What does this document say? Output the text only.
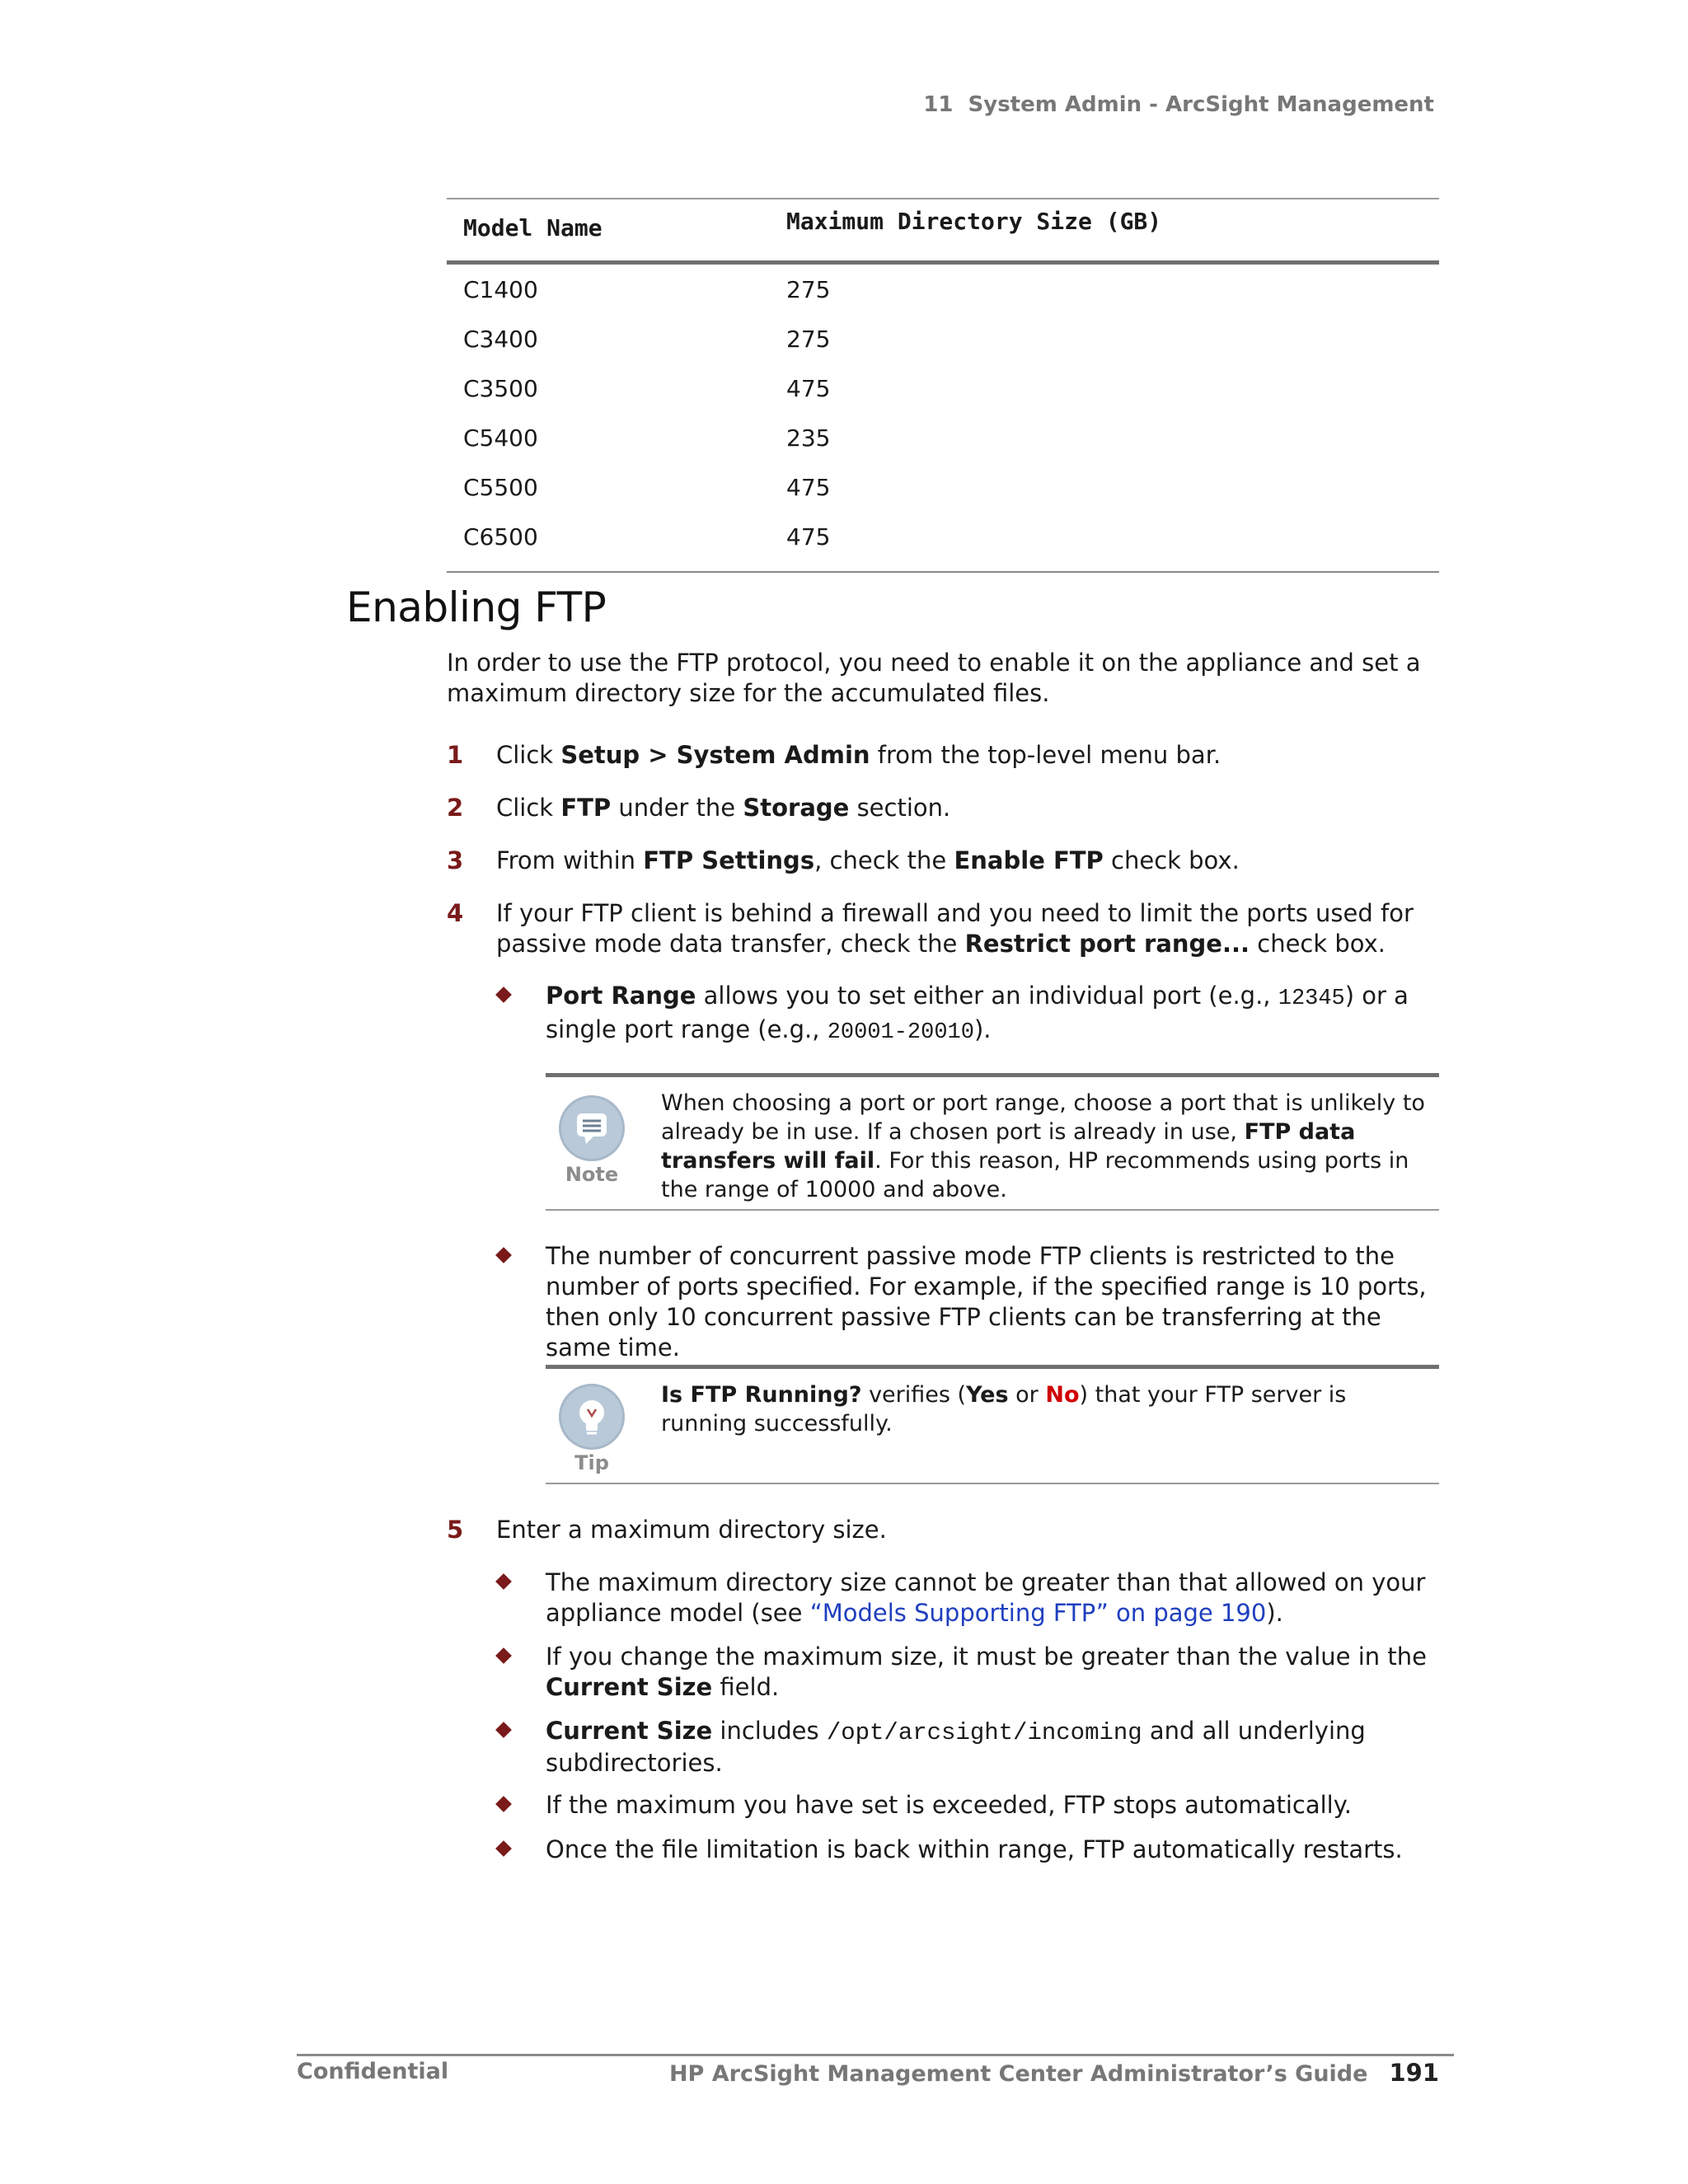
11 System Admin - ArcSight Management
Model Name	Maximum Directory Size (GB)
C1400	275
C3400	275
C3500	475
C5400	235
C5500	475
C6500	475
Enabling FTP
In order to use the FTP protocol, you need to enable it on the appliance and set a maximum directory size for the accumulated files.
1 Click Setup > System Admin from the top-level menu bar.
2 Click FTP under the Storage section.
3 From within FTP Settings, check the Enable FTP check box.
4 If your FTP client is behind a firewall and you need to limit the ports used for passive mode data transfer, check the Restrict port range... check box.
Port Range allows you to set either an individual port (e.g., 12345) or a single port range (e.g., 20001-20010).
Note
When choosing a port or port range, choose a port that is unlikely to already be in use. If a chosen port is already in use, FTP data transfers will fail. For this reason, HP recommends using ports in the range of 10000 and above.
The number of concurrent passive mode FTP clients is restricted to the number of ports specified. For example, if the specified range is 10 ports, then only 10 concurrent passive FTP clients can be transferring at the same time.
Tip
Is FTP Running? verifies (Yes or No) that your FTP server is running successfully.
5 Enter a maximum directory size.
The maximum directory size cannot be greater than that allowed on your appliance model (see “Models Supporting FTP” on page 190).
If you change the maximum size, it must be greater than the value in the Current Size field.
Current Size includes /opt/arcsight/incoming and all underlying subdirectories.
If the maximum you have set is exceeded, FTP stops automatically.
Once the file limitation is back within range, FTP automatically restarts.
Confidential	HP ArcSight Management Center Administrator’s Guide 191
